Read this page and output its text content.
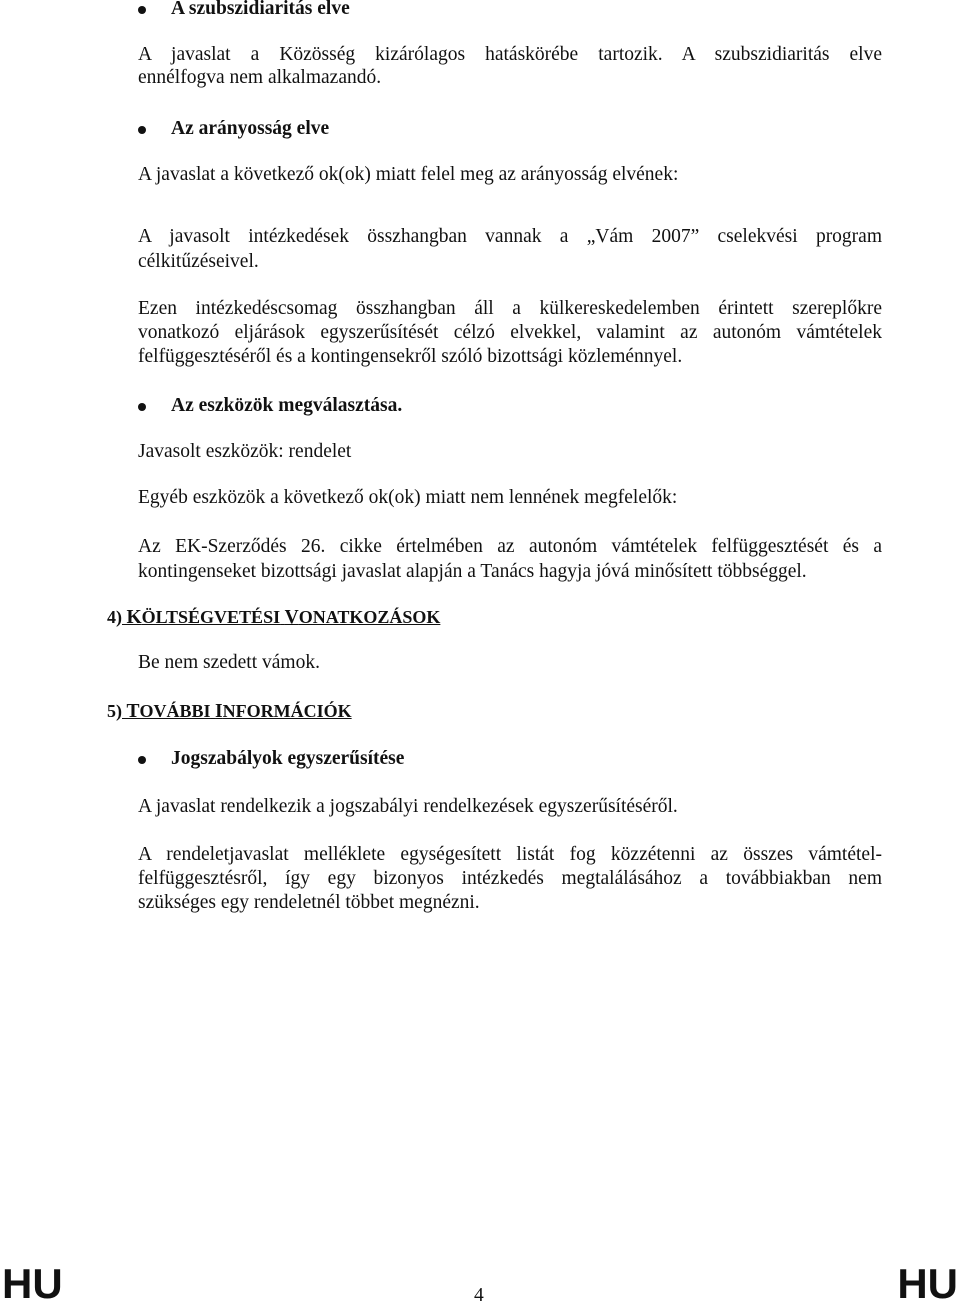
A szubszidiaritás elve
A javaslat a Közösség kizárólagos hatáskörébe tartozik. A szubszidiaritás elve
ennélfogva nem alkalmazandó.
Az arányosság elve
A javaslat a következő ok(ok) miatt felel meg az arányosság elvének:
A javasolt intézkedések összhangban vannak a „Vám 2007” cselekvési program
célkitűzéseivel.
Ezen intézkedéscsomag összhangban áll a külkereskedelemben érintett szereplőkre
vonatkozó eljárások egyszerűsítését célzó elvekkel, valamint az autonóm vámtételek
felfüggesztéséről és a kontingensekről szóló bizottsági közleménnyel.
Az eszközök megválasztása.
Javasolt eszközök: rendelet
Egyéb eszközök a következő ok(ok) miatt nem lennének megfelelők:
Az EK-Szerződés 26. cikke értelmében az autonóm vámtételek felfüggesztését és a
kontingenseket bizottsági javaslat alapján a Tanács hagyja jóvá minősített többséggel.
4) KÖLTSÉGVETÉSI VONATKOZÁSOK
Be nem szedett vámok.
5) TOVÁBBI INFORMÁCIÓK
Jogszabályok egyszerűsítése
A javaslat rendelkezik a jogszabályi rendelkezések egyszerűsítéséről.
A rendeletjavaslat melléklete egységesített listát fog közzétenni az összes vámtétel-
felfüggesztésről, így egy bizonyos intézkedés megtalálásához a továbbiakban nem
szükséges egy rendeletnél többet megnézni.
HU	4	HU
